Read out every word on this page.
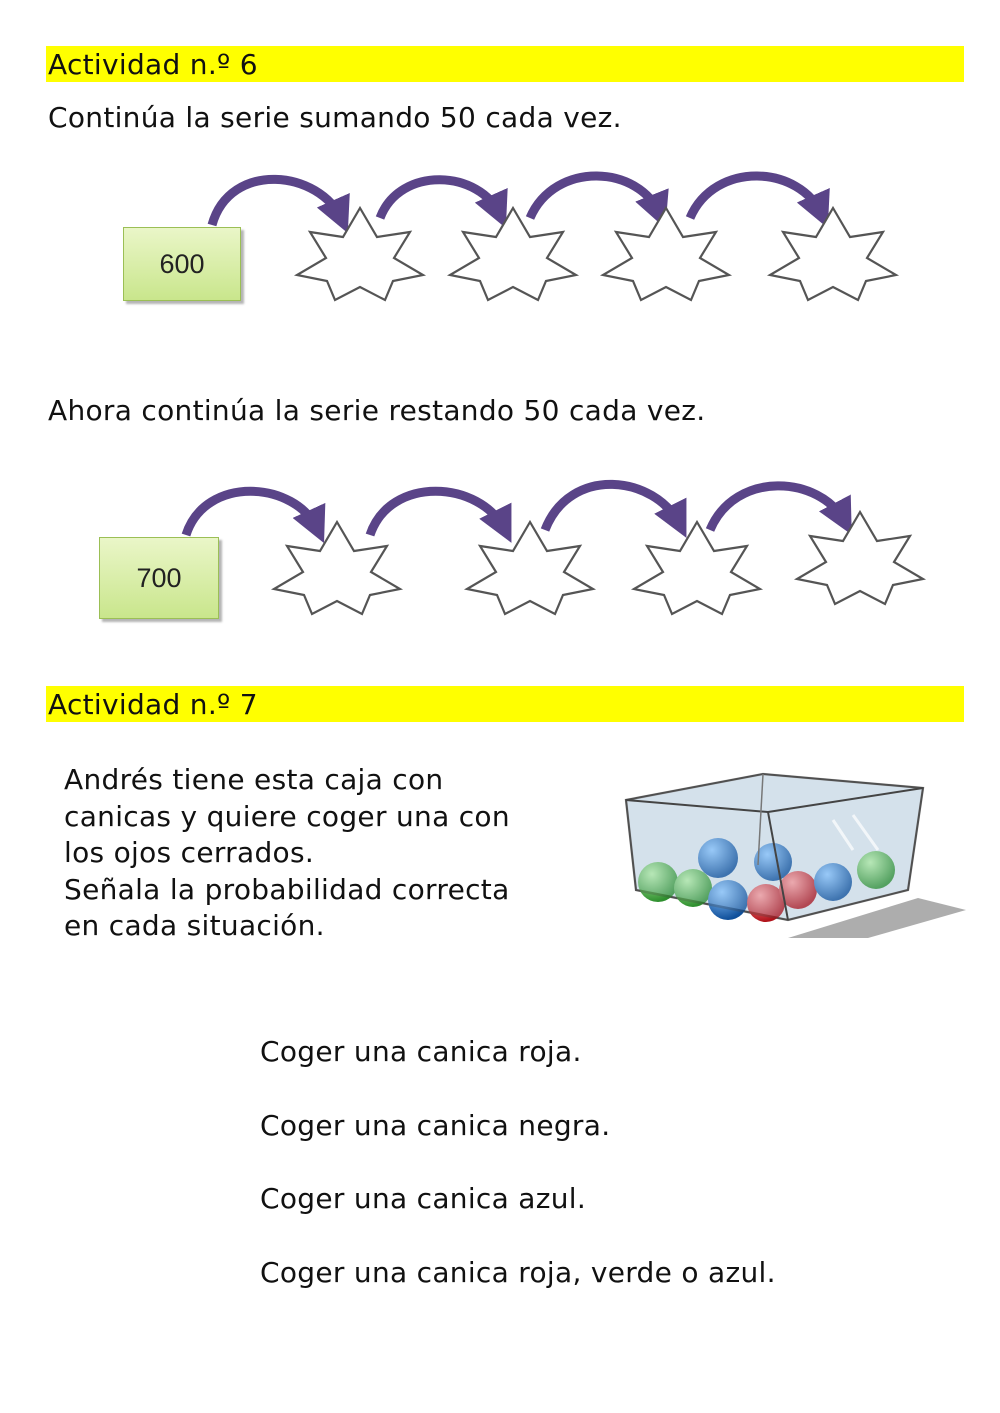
Actividad n.º 6
Continúa la serie sumando 50 cada vez.
600
Ahora continúa la serie restando 50 cada vez.
700
Actividad n.º 7
Andrés tiene esta caja con
canicas y quiere coger una con
los ojos cerrados.
Señala la probabilidad correcta
en cada situación.
Coger una canica roja.
Coger una canica negra.
Coger una canica azul.
Coger una canica roja, verde o azul.
